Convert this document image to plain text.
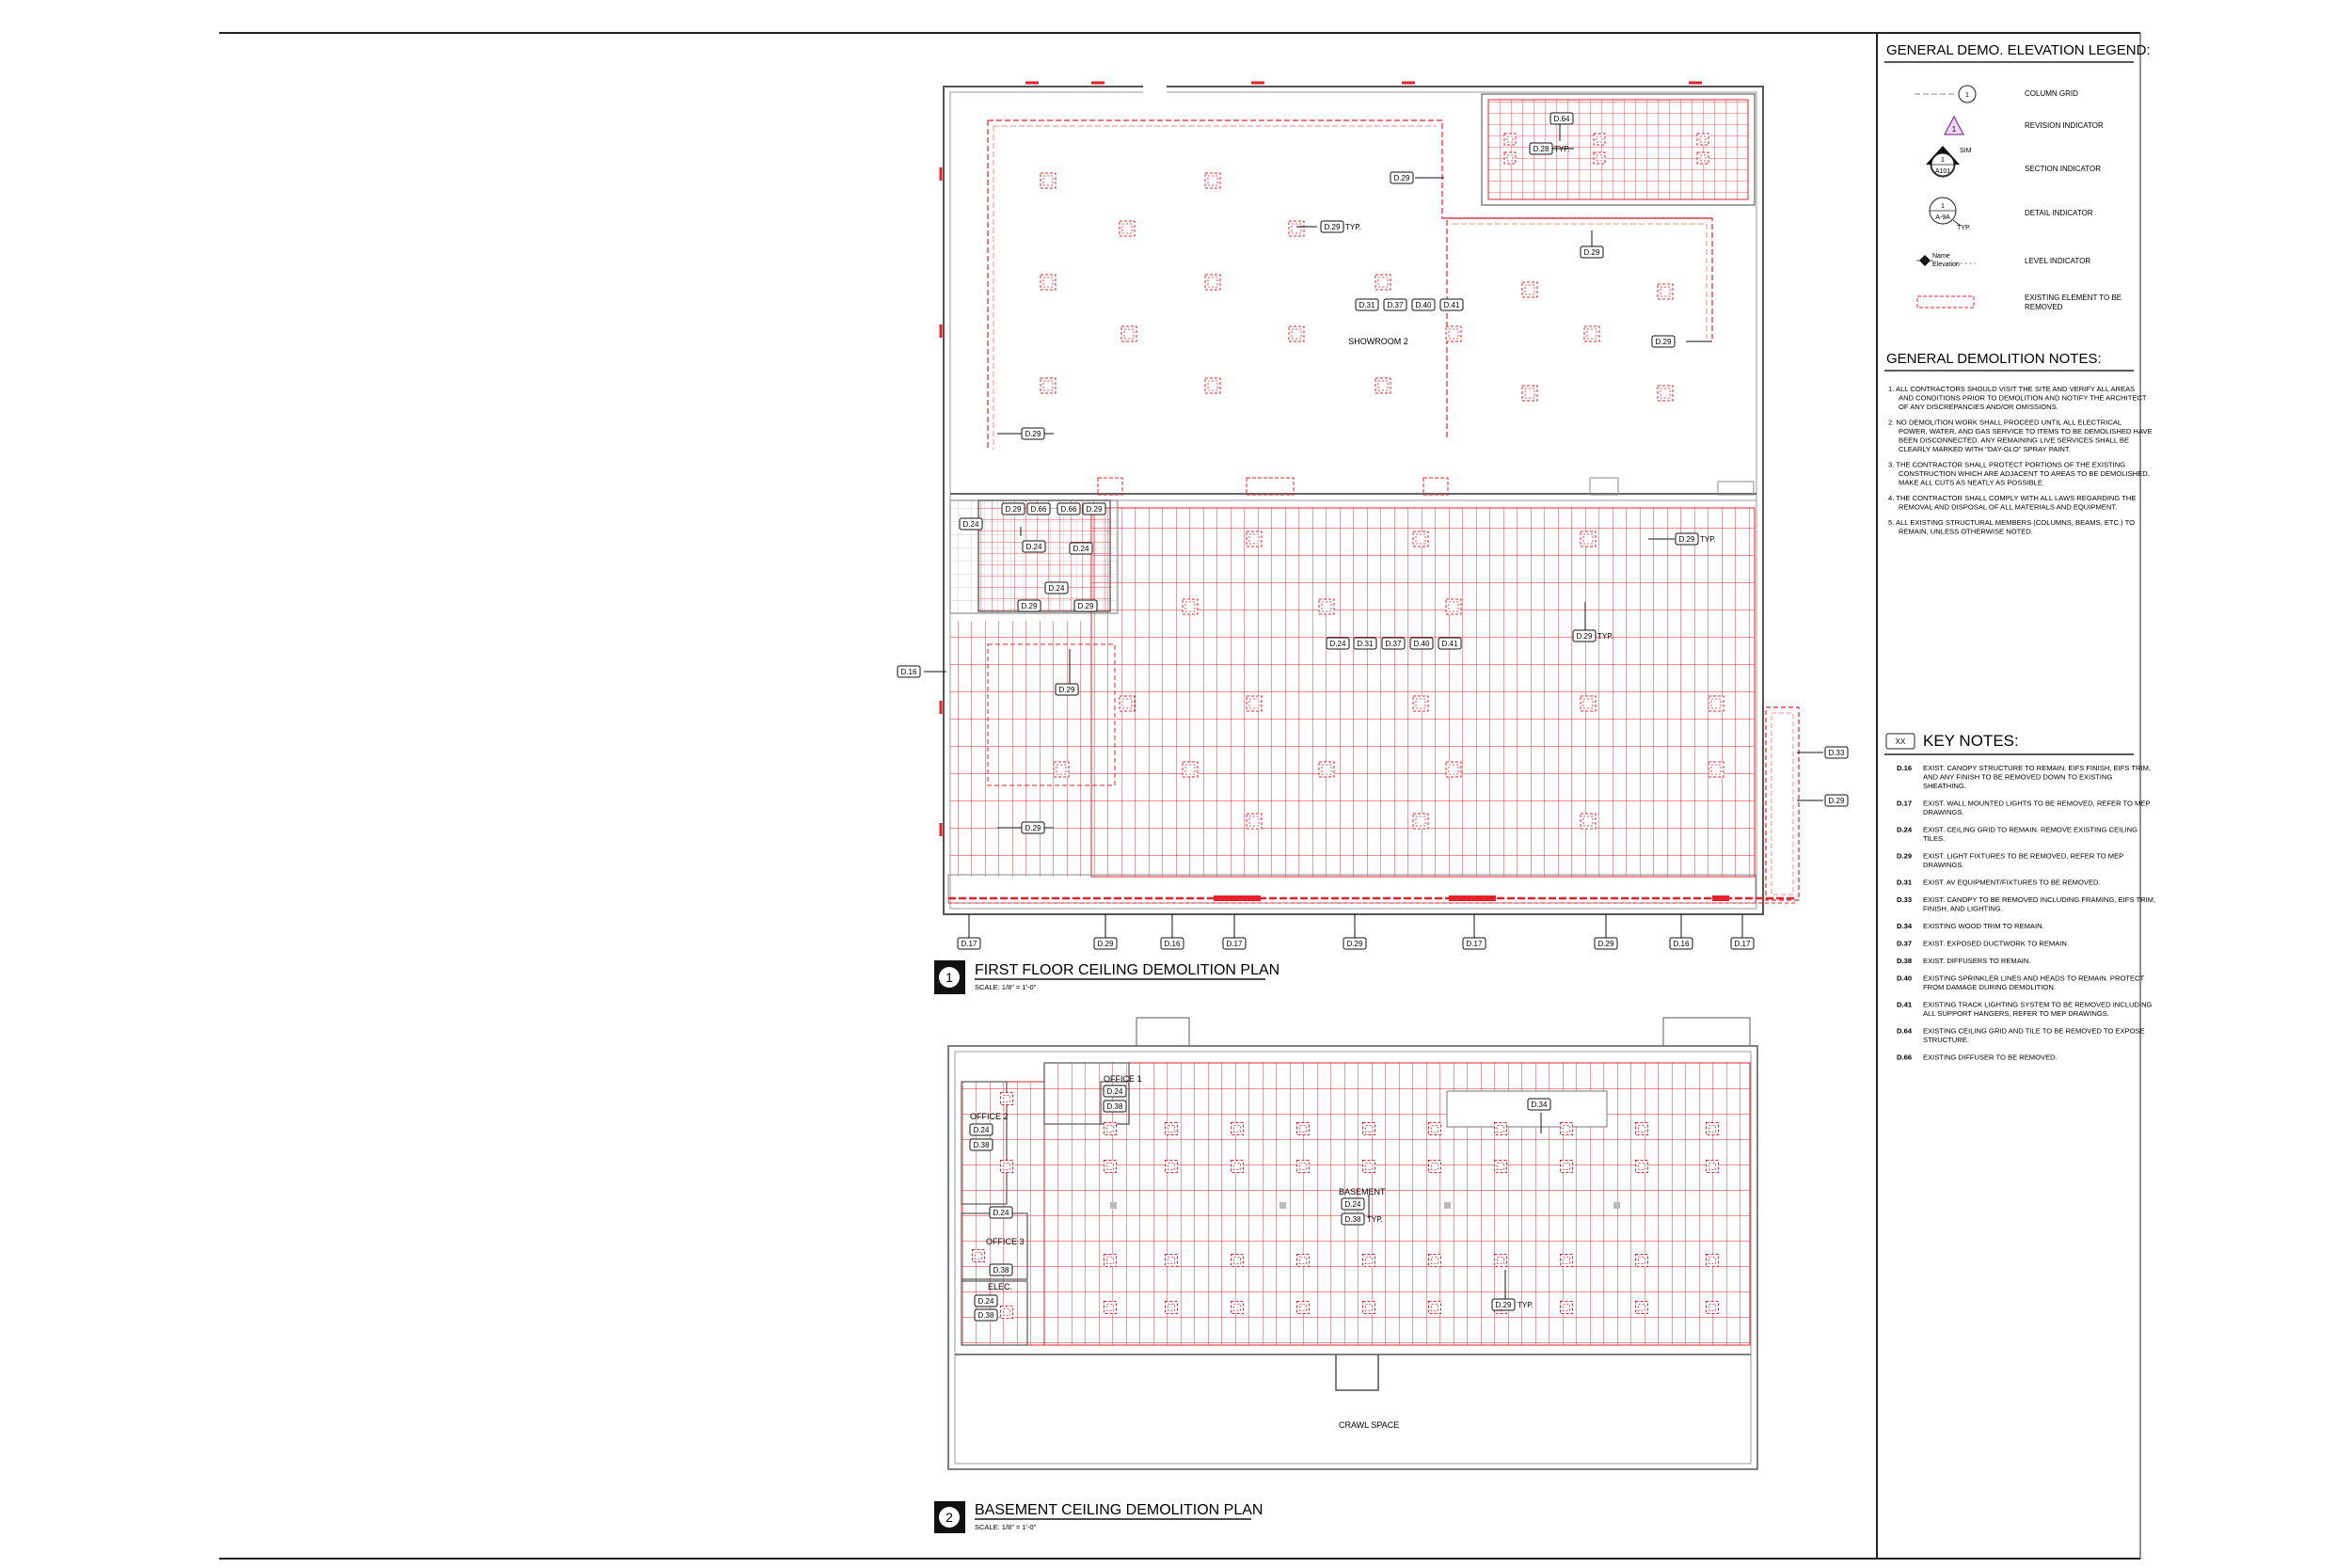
SHOWROOM 2
D.64
D.28 TYP.
D.29
D.29 TYP.
D.29
D.31 D.37 D.40 D.41
D.29
D.29
D.24
D.29 D.66 D.66 D.29
D.24	D.24
D.24
D.29	D.29
D.29 TYP.
D.29 TYP.
D.24 D.31 D.37 D.40 D.41
D.16
D.29
D.29
D.33
D.29
D.17	D.29	D.16	D.17	D.29	D.17	D.29	D.16	D.17
1 FIRST FLOOR CEILING DEMOLITION PLAN
SCALE: 1/8" = 1'-0"
OFFICE 1
OFFICE 2
OFFICE 3
ELEC.
BASEMENT
CRAWL SPACE
D.24
D.38
D.24
D.38
D.24
D.38
D.24
D.38
D.34
D.24
D.38 TYP.
D.29 TYP.
2 BASEMENT CEILING DEMOLITION PLAN
SCALE: 1/8" = 1'-0"
GENERAL DEMO. ELEVATION LEGEND:
1
1
1
A101
SIM
1
A-9A
TYP.
Name
Elevation
COLUMN GRID
REVISION INDICATOR
SECTION INDICATOR
DETAIL INDICATOR
LEVEL INDICATOR
EXISTING ELEMENT TO BE
REMOVED
GENERAL DEMOLITION NOTES:
1. ALL CONTRACTORS SHOULD VISIT THE SITE AND VERIFY ALL AREAS
AND CONDITIONS PRIOR TO DEMOLITION AND NOTIFY THE ARCHITECT
OF ANY DISCREPANCIES AND/OR OMISSIONS.
2. NO DEMOLITION WORK SHALL PROCEED UNTIL ALL ELECTRICAL
POWER, WATER, AND GAS SERVICE TO ITEMS TO BE DEMOLISHED HAVE
BEEN DISCONNECTED. ANY REMAINING LIVE SERVICES SHALL BE
CLEARLY MARKED WITH "DAY-GLO" SPRAY PAINT.
3. THE CONTRACTOR SHALL PROTECT PORTIONS OF THE EXISTING
CONSTRUCTION WHICH ARE ADJACENT TO AREAS TO BE DEMOLISHED.
MAKE ALL CUTS AS NEATLY AS POSSIBLE.
4. THE CONTRACTOR SHALL COMPLY WITH ALL LAWS REGARDING THE
REMOVAL AND DISPOSAL OF ALL MATERIALS AND EQUIPMENT.
5. ALL EXISTING STRUCTURAL MEMBERS (COLUMNS, BEAMS, ETC.) TO
REMAIN, UNLESS OTHERWISE NOTED.
XX KEY NOTES:
D.16 EXIST. CANOPY STRUCTURE TO REMAIN. EIFS FINISH, EIFS TRIM,
AND ANY FINISH TO BE REMOVED DOWN TO EXISTING
SHEATHING.
D.17 EXIST. WALL MOUNTED LIGHTS TO BE REMOVED, REFER TO MEP
DRAWINGS.
D.24 EXIST. CEILING GRID TO REMAIN. REMOVE EXISTING CEILING
TILES.
D.29 EXIST. LIGHT FIXTURES TO BE REMOVED, REFER TO MEP
DRAWINGS.
D.31 EXIST. AV EQUIPMENT/FIXTURES TO BE REMOVED.
D.33 EXIST. CANOPY TO BE REMOVED INCLUDING FRAMING, EIFS TRIM,
FINISH, AND LIGHTING.
D.34 EXISTING WOOD TRIM TO REMAIN.
D.37 EXIST. EXPOSED DUCTWORK TO REMAIN.
D.38 EXIST. DIFFUSERS TO REMAIN.
D.40 EXISTING SPRINKLER LINES AND HEADS TO REMAIN. PROTECT
FROM DAMAGE DURING DEMOLITION.
D.41 EXISTING TRACK LIGHTING SYSTEM TO BE REMOVED INCLUDING
ALL SUPPORT HANGERS, REFER TO MEP DRAWINGS.
D.64 EXISTING CEILING GRID AND TILE TO BE REMOVED TO EXPOSE
STRUCTURE.
D.66 EXISTING DIFFUSER TO BE REMOVED.
